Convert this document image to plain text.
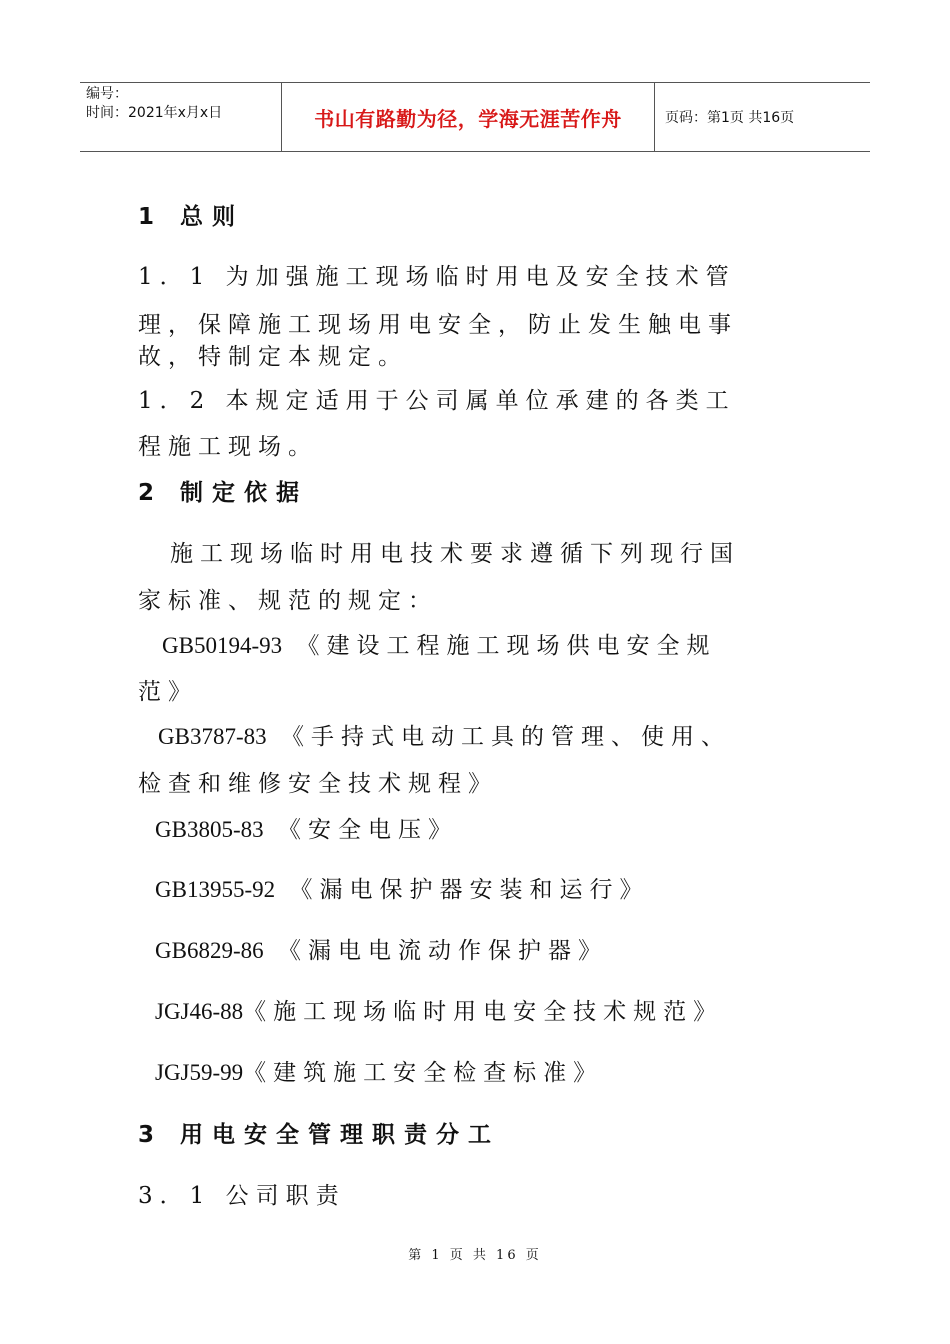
编号：
时间：2021年x月x日	书山有路勤为径，学海无涯苦作舟	页码：第1页 共16页
1 总则
1．1 为加强施工现场临时用电及安全技术管
理，保障施工现场用电安全，防止发生触电事
故，特制定本规定。
1．2 本规定适用于公司属单位承建的各类工
程施工现场。
2 制定依据
施工现场临时用电技术要求遵循下列现行国
家标准、规范的规定：
GB50194-93 《建设工程施工现场供电安全规
范》
GB3787-83 《手持式电动工具的管理、使用、
检查和维修安全技术规程》
GB3805-83 《安全电压》
GB13955-92 《漏电保护器安装和运行》
GB6829-86 《漏电电流动作保护器》
JGJ46-88《施工现场临时用电安全技术规范》
JGJ59-99《建筑施工安全检查标准》
3 用电安全管理职责分工
3．1 公司职责
第 1 页 共 16 页
